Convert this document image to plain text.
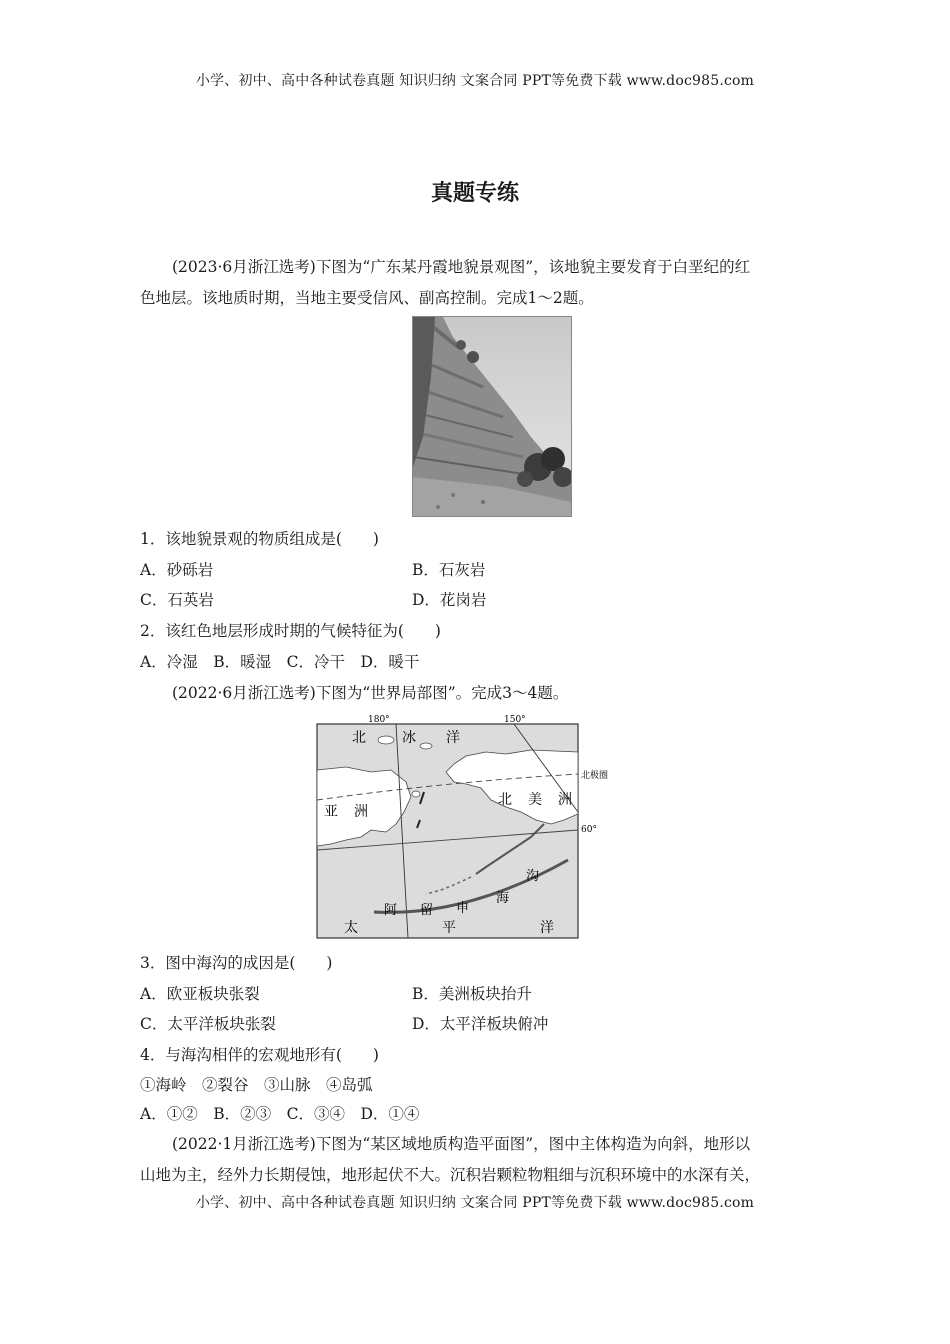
小学、初中、高中各种试卷真题 知识归纳 文案合同 PPT等免费下载 www.doc985.com
真题专练
(2023·6月浙江选考)下图为“广东某丹霞地貌景观图”，该地貌主要发育于白垩纪的红
色地层。该地质时期，当地主要受信风、副高控制。完成1～2题。
1．该地貌景观的物质组成是(　　)
A．砂砾岩	B．石灰岩
C．石英岩	D．花岗岩
2．该红色地层形成时期的气候特征为(　　)
A．冷湿　B．暖湿　C．冷干　D．暖干
(2022·6月浙江选考)下图为“世界局部图”。完成3～4题。
180°	150°
北极圈
60°
北	冰 洋
亚 洲
北 美 洲
阿 留 申
海
沟
太	平	洋
3．图中海沟的成因是(　　)
A．欧亚板块张裂	B．美洲板块抬升
C．太平洋板块张裂	D．太平洋板块俯冲
4．与海沟相伴的宏观地形有(　　)
①海岭　②裂谷　③山脉　④岛弧
A．①②　B．②③　C．③④　D．①④
(2022·1月浙江选考)下图为“某区域地质构造平面图”，图中主体构造为向斜，地形以
山地为主，经外力长期侵蚀，地形起伏不大。沉积岩颗粒物粗细与沉积环境中的水深有关，
小学、初中、高中各种试卷真题 知识归纳 文案合同 PPT等免费下载 www.doc985.com
